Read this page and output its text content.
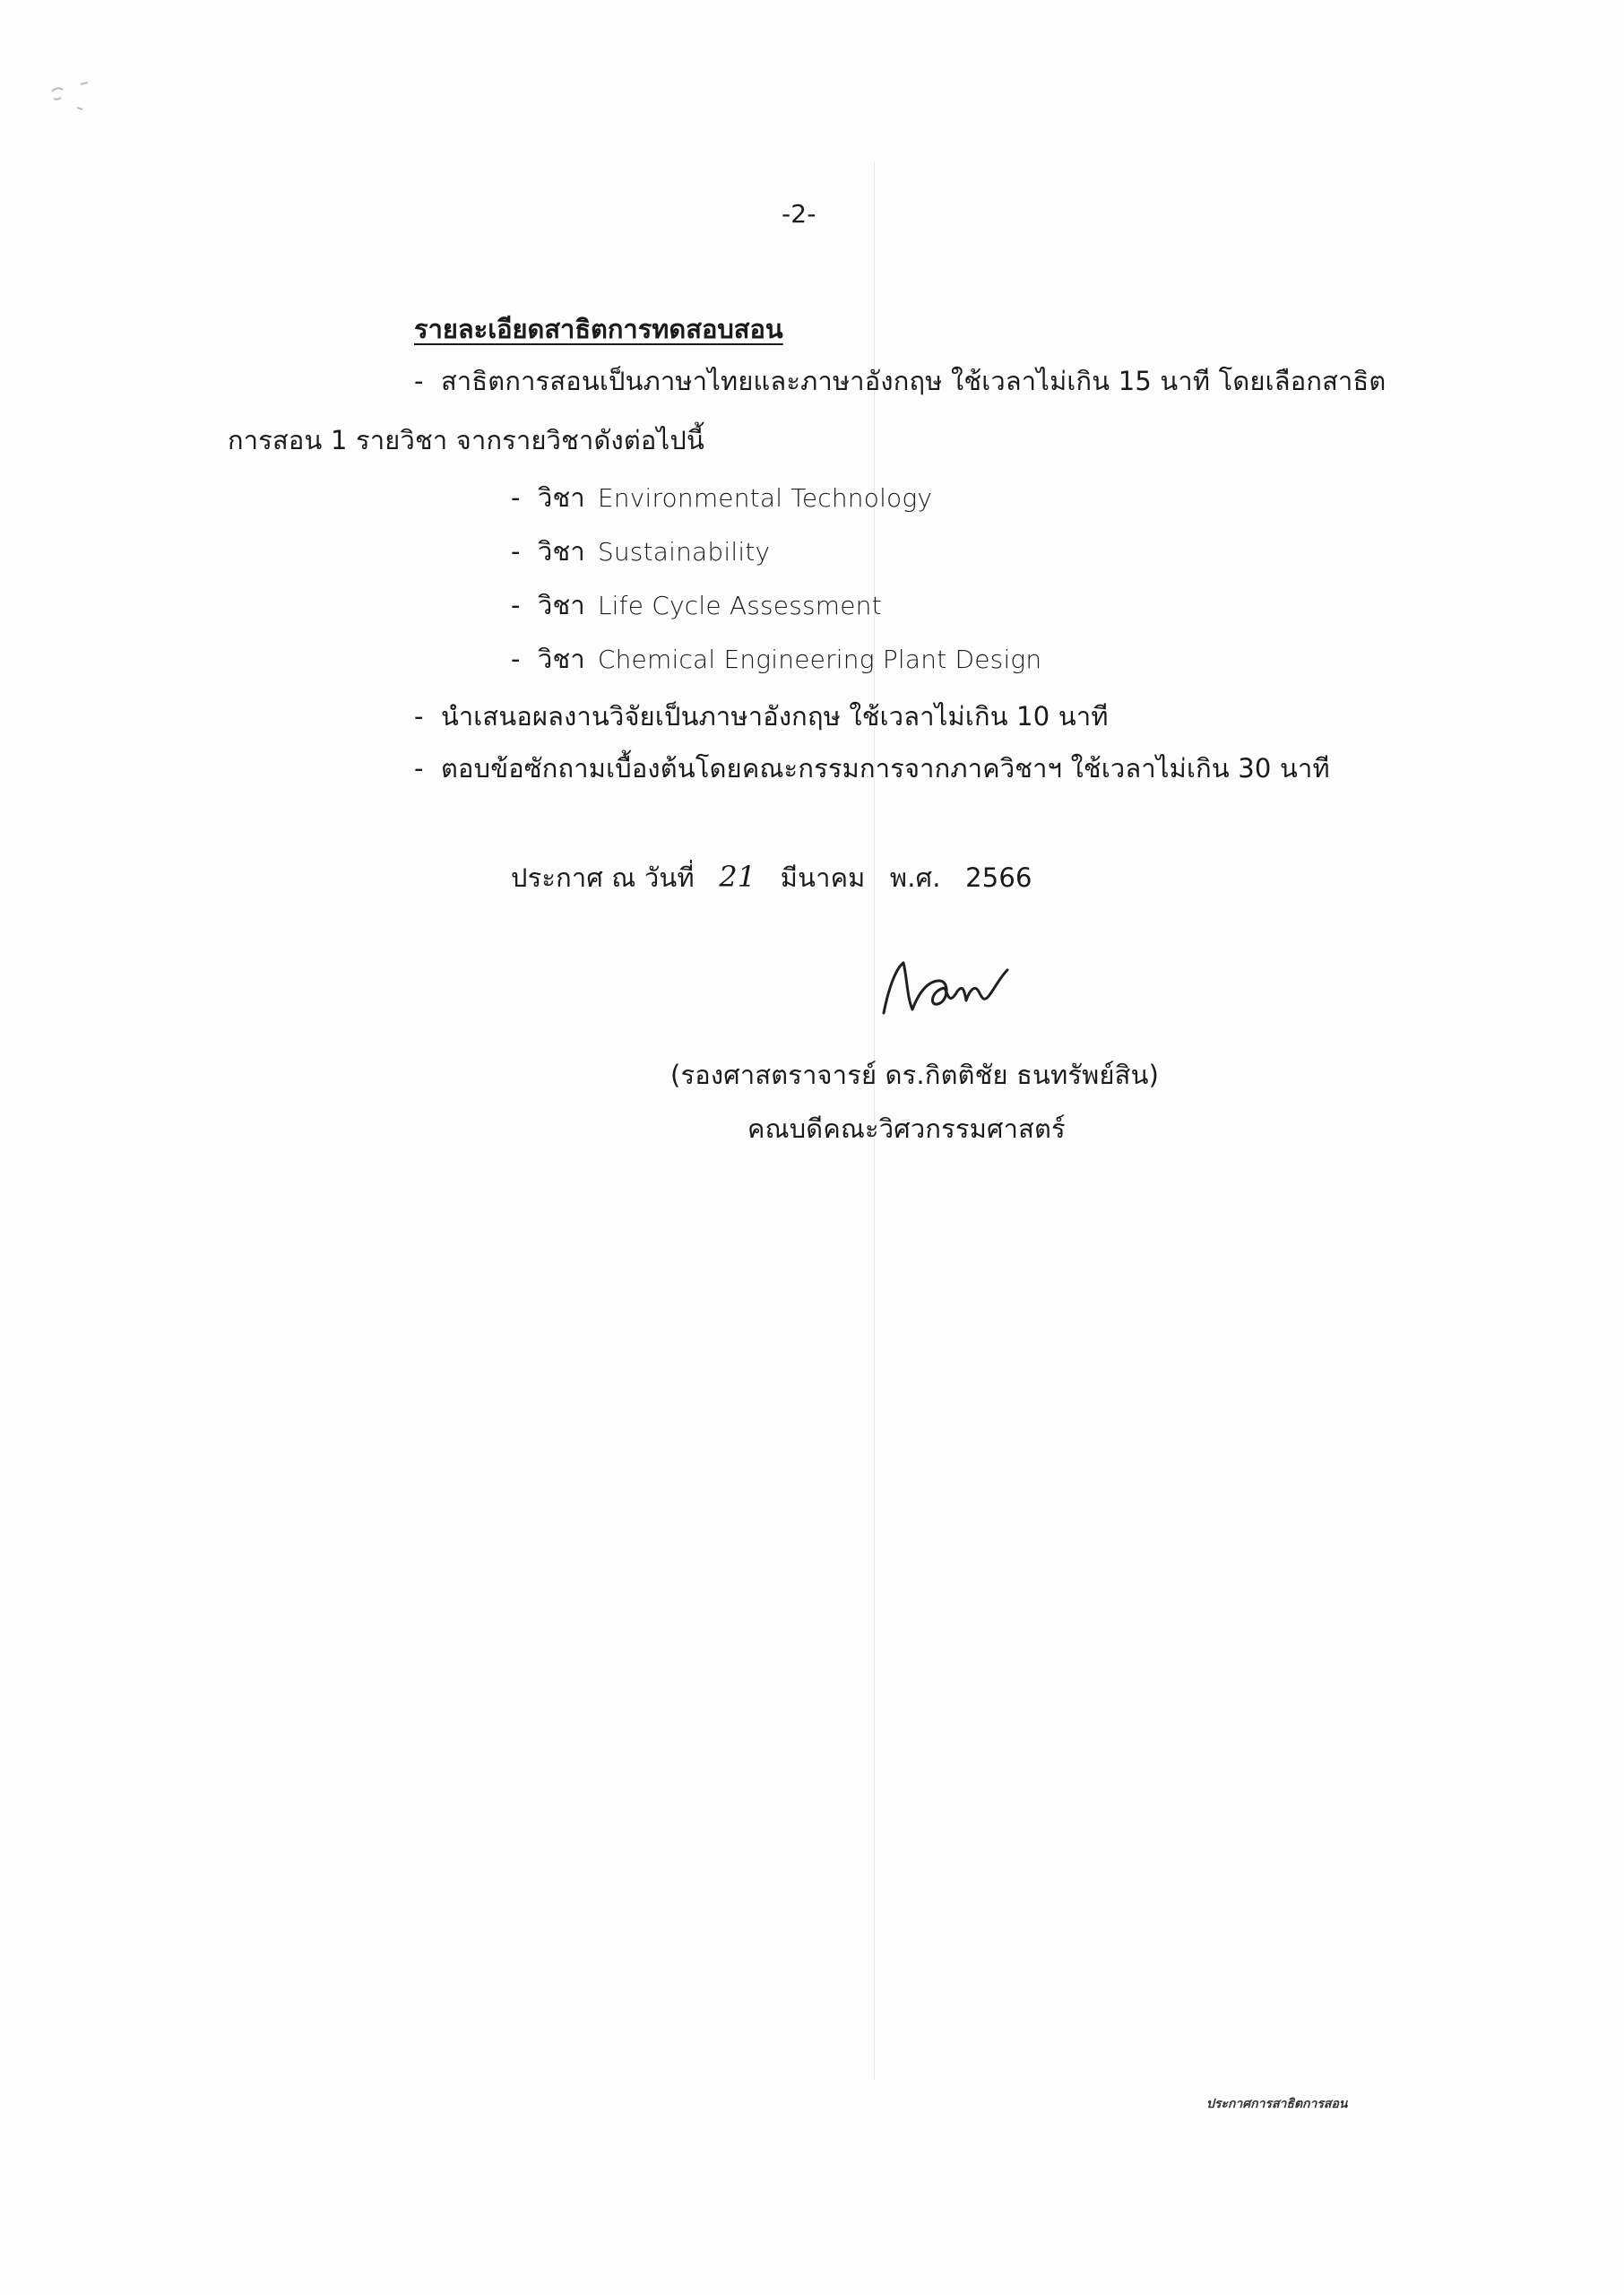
-2-
รายละเอียดสาธิตการทดสอบสอน
- สาธิตการสอนเป็นภาษาไทยและภาษาอังกฤษ ใช้เวลาไม่เกิน 15 นาที โดยเลือกสาธิต
การสอน 1 รายวิชา จากรายวิชาดังต่อไปนี้
- วิชา Environmental Technology
- วิชา Sustainability
- วิชา Life Cycle Assessment
- วิชา Chemical Engineering Plant Design
- นำเสนอผลงานวิจัยเป็นภาษาอังกฤษ ใช้เวลาไม่เกิน 10 นาที
- ตอบข้อซักถามเบื้องต้นโดยคณะกรรมการจากภาควิชาฯ ใช้เวลาไม่เกิน 30 นาที
ประกาศ ณ วันที่ 21 มีนาคม พ.ศ. 2566
(รองศาสตราจารย์ ดร.กิตติชัย ธนทรัพย์สิน)
คณบดีคณะวิศวกรรมศาสตร์
ประกาศการสาธิตการสอน
